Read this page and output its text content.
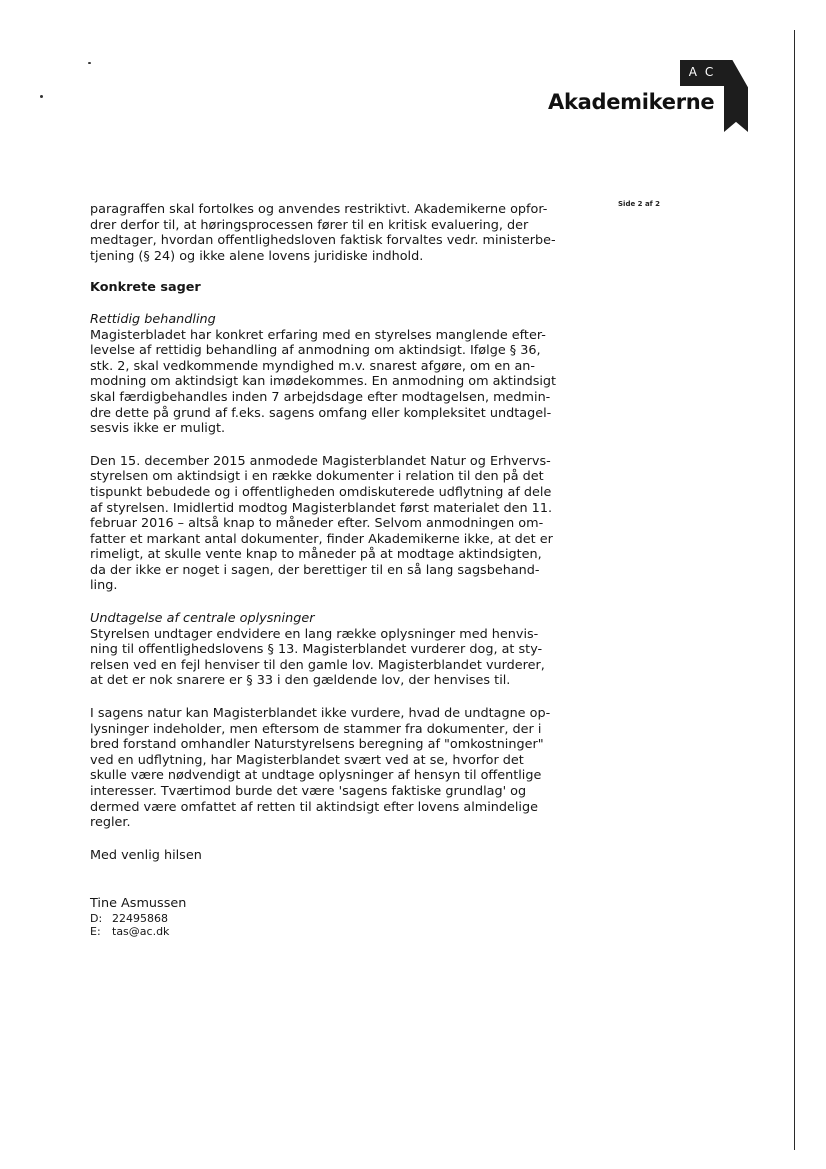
A C
Akademikerne
Side 2 af 2

paragraffen skal fortolkes og anvendes restriktivt. Akademikerne opfor-
drer derfor til, at høringsprocessen fører til en kritisk evaluering, der
medtager, hvordan offentlighedsloven faktisk forvaltes vedr. ministerbe-
tjening (§ 24) og ikke alene lovens juridiske indhold.

Konkrete sager

Rettidig behandling

Magisterbladet har konkret erfaring med en styrelses manglende efter-
levelse af rettidig behandling af anmodning om aktindsigt. Ifølge § 36,
stk. 2, skal vedkommende myndighed m.v. snarest afgøre, om en an-
modning om aktindsigt kan imødekommes. En anmodning om aktindsigt
skal færdigbehandles inden 7 arbejdsdage efter modtagelsen, medmin-
dre dette på grund af f.eks. sagens omfang eller kompleksitet undtagel-
sesvis ikke er muligt.

Den 15. december 2015 anmodede Magisterblandet Natur og Erhvervs-
styrelsen om aktindsigt i en række dokumenter i relation til den på det
tispunkt bebudede og i offentligheden omdiskuterede udflytning af dele
af styrelsen. Imidlertid modtog Magisterblandet først materialet den 11.
februar 2016 – altså knap to måneder efter. Selvom anmodningen om-
fatter et markant antal dokumenter, finder Akademikerne ikke, at det er
rimeligt, at skulle vente knap to måneder på at modtage aktindsigten,
da der ikke er noget i sagen, der berettiger til en så lang sagsbehand-
ling.

Undtagelse af centrale oplysninger

Styrelsen undtager endvidere en lang række oplysninger med henvis-
ning til offentlighedslovens § 13. Magisterblandet vurderer dog, at sty-
relsen ved en fejl henviser til den gamle lov. Magisterblandet vurderer,
at det er nok snarere er § 33 i den gældende lov, der henvises til.

I sagens natur kan Magisterblandet ikke vurdere, hvad de undtagne op-
lysninger indeholder, men eftersom de stammer fra dokumenter, der i
bred forstand omhandler Naturstyrelsens beregning af "omkostninger"
ved en udflytning, har Magisterblandet svært ved at se, hvorfor det
skulle være nødvendigt at undtage oplysninger af hensyn til offentlige
interesser. Tværtimod burde det være 'sagens faktiske grundlag' og
dermed være omfattet af retten til aktindsigt efter lovens almindelige
regler.

Med venlig hilsen

Tine Asmussen

D: 22495868
E: tas@ac.dk
